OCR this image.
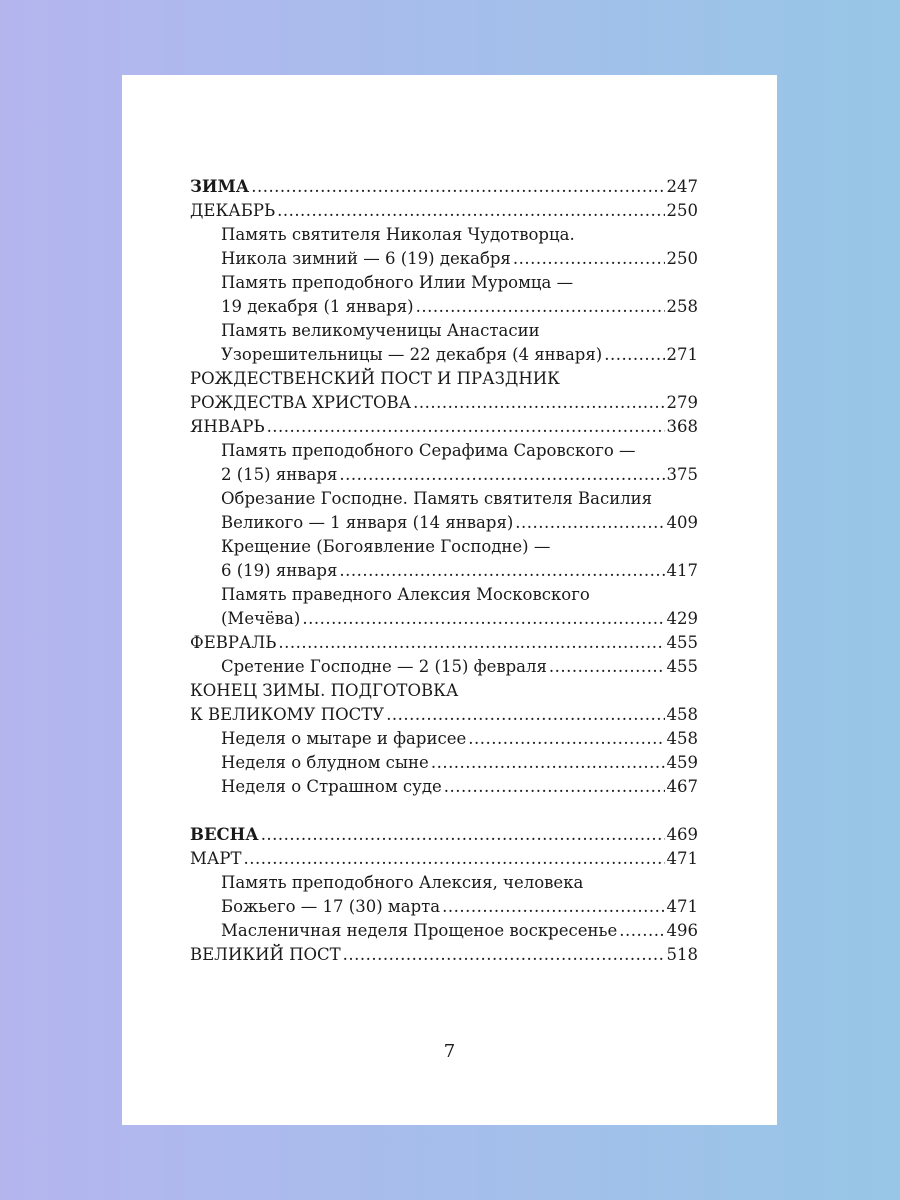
ЗИМА .....	247
ДЕКАБРЬ .....	250
Память святителя Николая Чудотворца.
Никола зимний — 6 (19) декабря .....	250
Память преподобного Илии Муромца —
19 декабря (1 января) .....	258
Память великомученицы Анастасии
Узорешительницы — 22 декабря (4 января) .....	271
РОЖДЕСТВЕНСКИЙ ПОСТ И ПРАЗДНИК
РОЖДЕСТВА ХРИСТОВА .....	279
ЯНВАРЬ .....	368
Память преподобного Серафима Саровского —
2 (15) января .....	375
Обрезание Господне. Память святителя Василия
Великого — 1 января (14 января) .....	409
Крещение (Богоявление Господне) —
6 (19) января .....	417
Память праведного Алексия Московского
(Мечёва) .....	429
ФЕВРАЛЬ .....	455
Сретение Господне — 2 (15) февраля .....	455
КОНЕЦ ЗИМЫ. ПОДГОТОВКА
К ВЕЛИКОМУ ПОСТУ .....	458
Неделя о мытаре и фарисее .....	458
Неделя о блудном сыне .....	459
Неделя о Страшном суде .....	467
ВЕСНА .....	469
МАРТ .....	471
Память преподобного Алексия, человека
Божьего — 17 (30) марта .....	471
Масленичная неделя Прощеное воскресенье .....	496
ВЕЛИКИЙ ПОСТ .....	518
7
